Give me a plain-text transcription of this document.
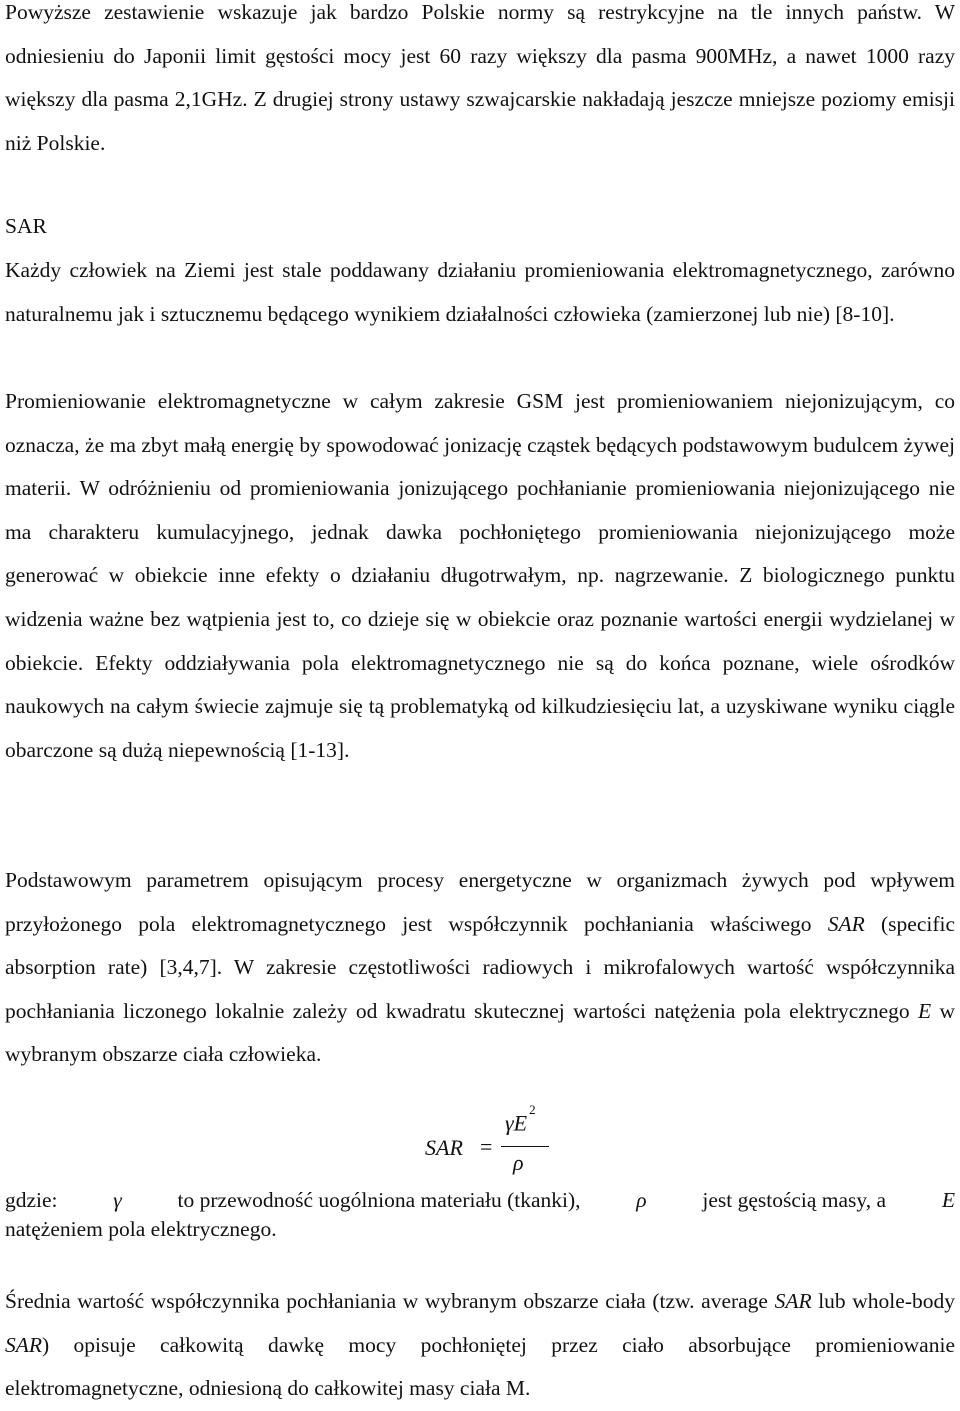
Powyższe zestawienie wskazuje jak bardzo Polskie normy są restrykcyjne na tle innych państw. W odniesieniu do Japonii limit gęstości mocy jest 60 razy większy dla pasma 900MHz, a nawet 1000 razy większy dla pasma 2,1GHz. Z drugiej strony ustawy szwajcarskie nakładają jeszcze mniejsze poziomy emisji niż Polskie.

SAR

Każdy człowiek na Ziemi jest stale poddawany działaniu promieniowania elektromagnetycznego, zarówno naturalnemu jak i sztucznemu będącego wynikiem działalności człowieka (zamierzonej lub nie) [8-10].

Promieniowanie elektromagnetyczne w całym zakresie GSM jest promieniowaniem niejonizującym, co oznacza, że ma zbyt małą energię by spowodować jonizację cząstek będących podstawowym budulcem żywej materii. W odróżnieniu od promieniowania jonizującego pochłanianie promieniowania niejonizującego nie ma charakteru kumulacyjnego, jednak dawka pochłoniętego promieniowania niejonizującego może generować w obiekcie inne efekty o działaniu długotrwałym, np. nagrzewanie. Z biologicznego punktu widzenia ważne bez wątpienia jest to, co dzieje się w obiekcie oraz poznanie wartości energii wydzielanej w obiekcie. Efekty oddziaływania pola elektromagnetycznego nie są do końca poznane, wiele ośrodków naukowych na całym świecie zajmuje się tą problematyką od kilkudziesięciu lat, a uzyskiwane wyniku ciągle obarczone są dużą niepewnością [1-13].

Podstawowym parametrem opisującym procesy energetyczne w organizmach żywych pod wpływem przyłożonego pola elektromagnetycznego jest współczynnik pochłaniania właściwego SAR (specific absorption rate) [3,4,7]. W zakresie częstotliwości radiowych i mikrofalowych wartość współczynnika pochłaniania liczonego lokalnie zależy od kwadratu skutecznej wartości natężenia pola elektrycznego E w wybranym obszarze ciała człowieka.

SAR =
$\gamma E^2$
ρ
gdzie:	γ	to przewodność uogólniona materiału (tkanki),	ρ	jest gęstością masy, a	E
natężeniem pola elektrycznego.

Średnia wartość współczynnika pochłaniania w wybranym obszarze ciała (tzw. average SAR lub whole-body SAR) opisuje całkowitą dawkę mocy pochłoniętej przez ciało absorbujące promieniowanie elektromagnetyczne, odniesioną do całkowitej masy ciała M.
